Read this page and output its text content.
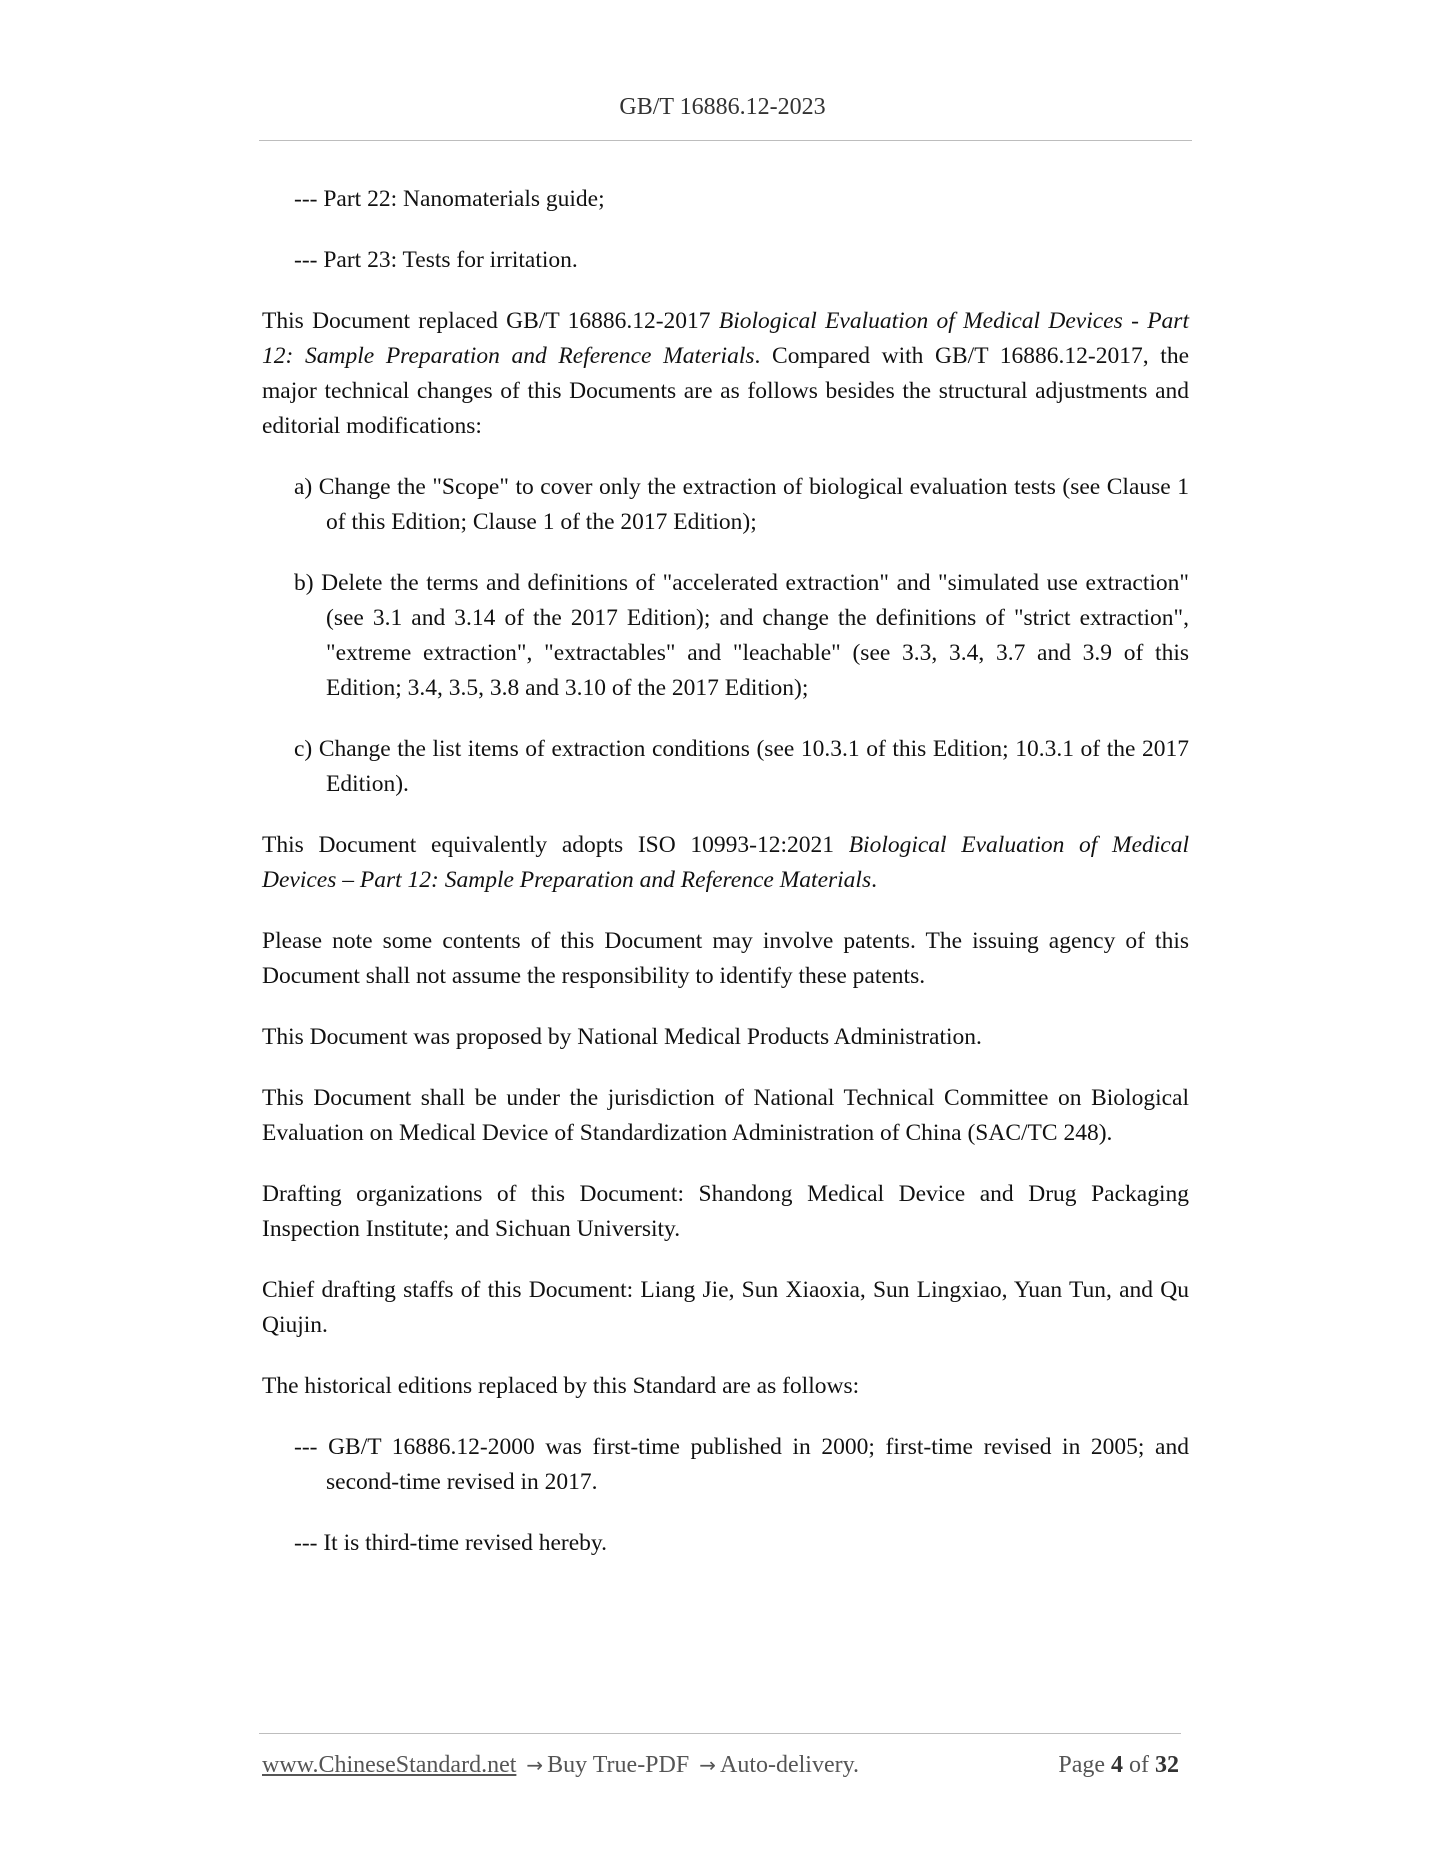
GB/T 16886.12-2023
--- Part 22: Nanomaterials guide;
--- Part 23: Tests for irritation.

This Document replaced GB/T 16886.12-2017 Biological Evaluation of Medical Devices - Part 12: Sample Preparation and Reference Materials. Compared with GB/T 16886.12-2017, the major technical changes of this Documents are as follows besides the structural adjustments and editorial modifications:

a) Change the "Scope" to cover only the extraction of biological evaluation tests (see Clause 1 of this Edition; Clause 1 of the 2017 Edition);
b) Delete the terms and definitions of "accelerated extraction" and "simulated use extraction" (see 3.1 and 3.14 of the 2017 Edition); and change the definitions of "strict extraction", "extreme extraction", "extractables" and "leachable" (see 3.3, 3.4, 3.7 and 3.9 of this Edition; 3.4, 3.5, 3.8 and 3.10 of the 2017 Edition);
c) Change the list items of extraction conditions (see 10.3.1 of this Edition; 10.3.1 of the 2017 Edition).

This Document equivalently adopts ISO 10993-12:2021 Biological Evaluation of Medical Devices – Part 12: Sample Preparation and Reference Materials.

Please note some contents of this Document may involve patents. The issuing agency of this Document shall not assume the responsibility to identify these patents.

This Document was proposed by National Medical Products Administration.

This Document shall be under the jurisdiction of National Technical Committee on Biological Evaluation on Medical Device of Standardization Administration of China (SAC/TC 248).

Drafting organizations of this Document: Shandong Medical Device and Drug Packaging Inspection Institute; and Sichuan University.

Chief drafting staffs of this Document: Liang Jie, Sun Xiaoxia, Sun Lingxiao, Yuan Tun, and Qu Qiujin.

The historical editions replaced by this Standard are as follows:

--- GB/T 16886.12-2000 was first-time published in 2000; first-time revised in 2005; and second-time revised in 2017.
--- It is third-time revised hereby.
www.ChineseStandard.net → Buy True-PDF → Auto-delivery.	Page 4 of 32
